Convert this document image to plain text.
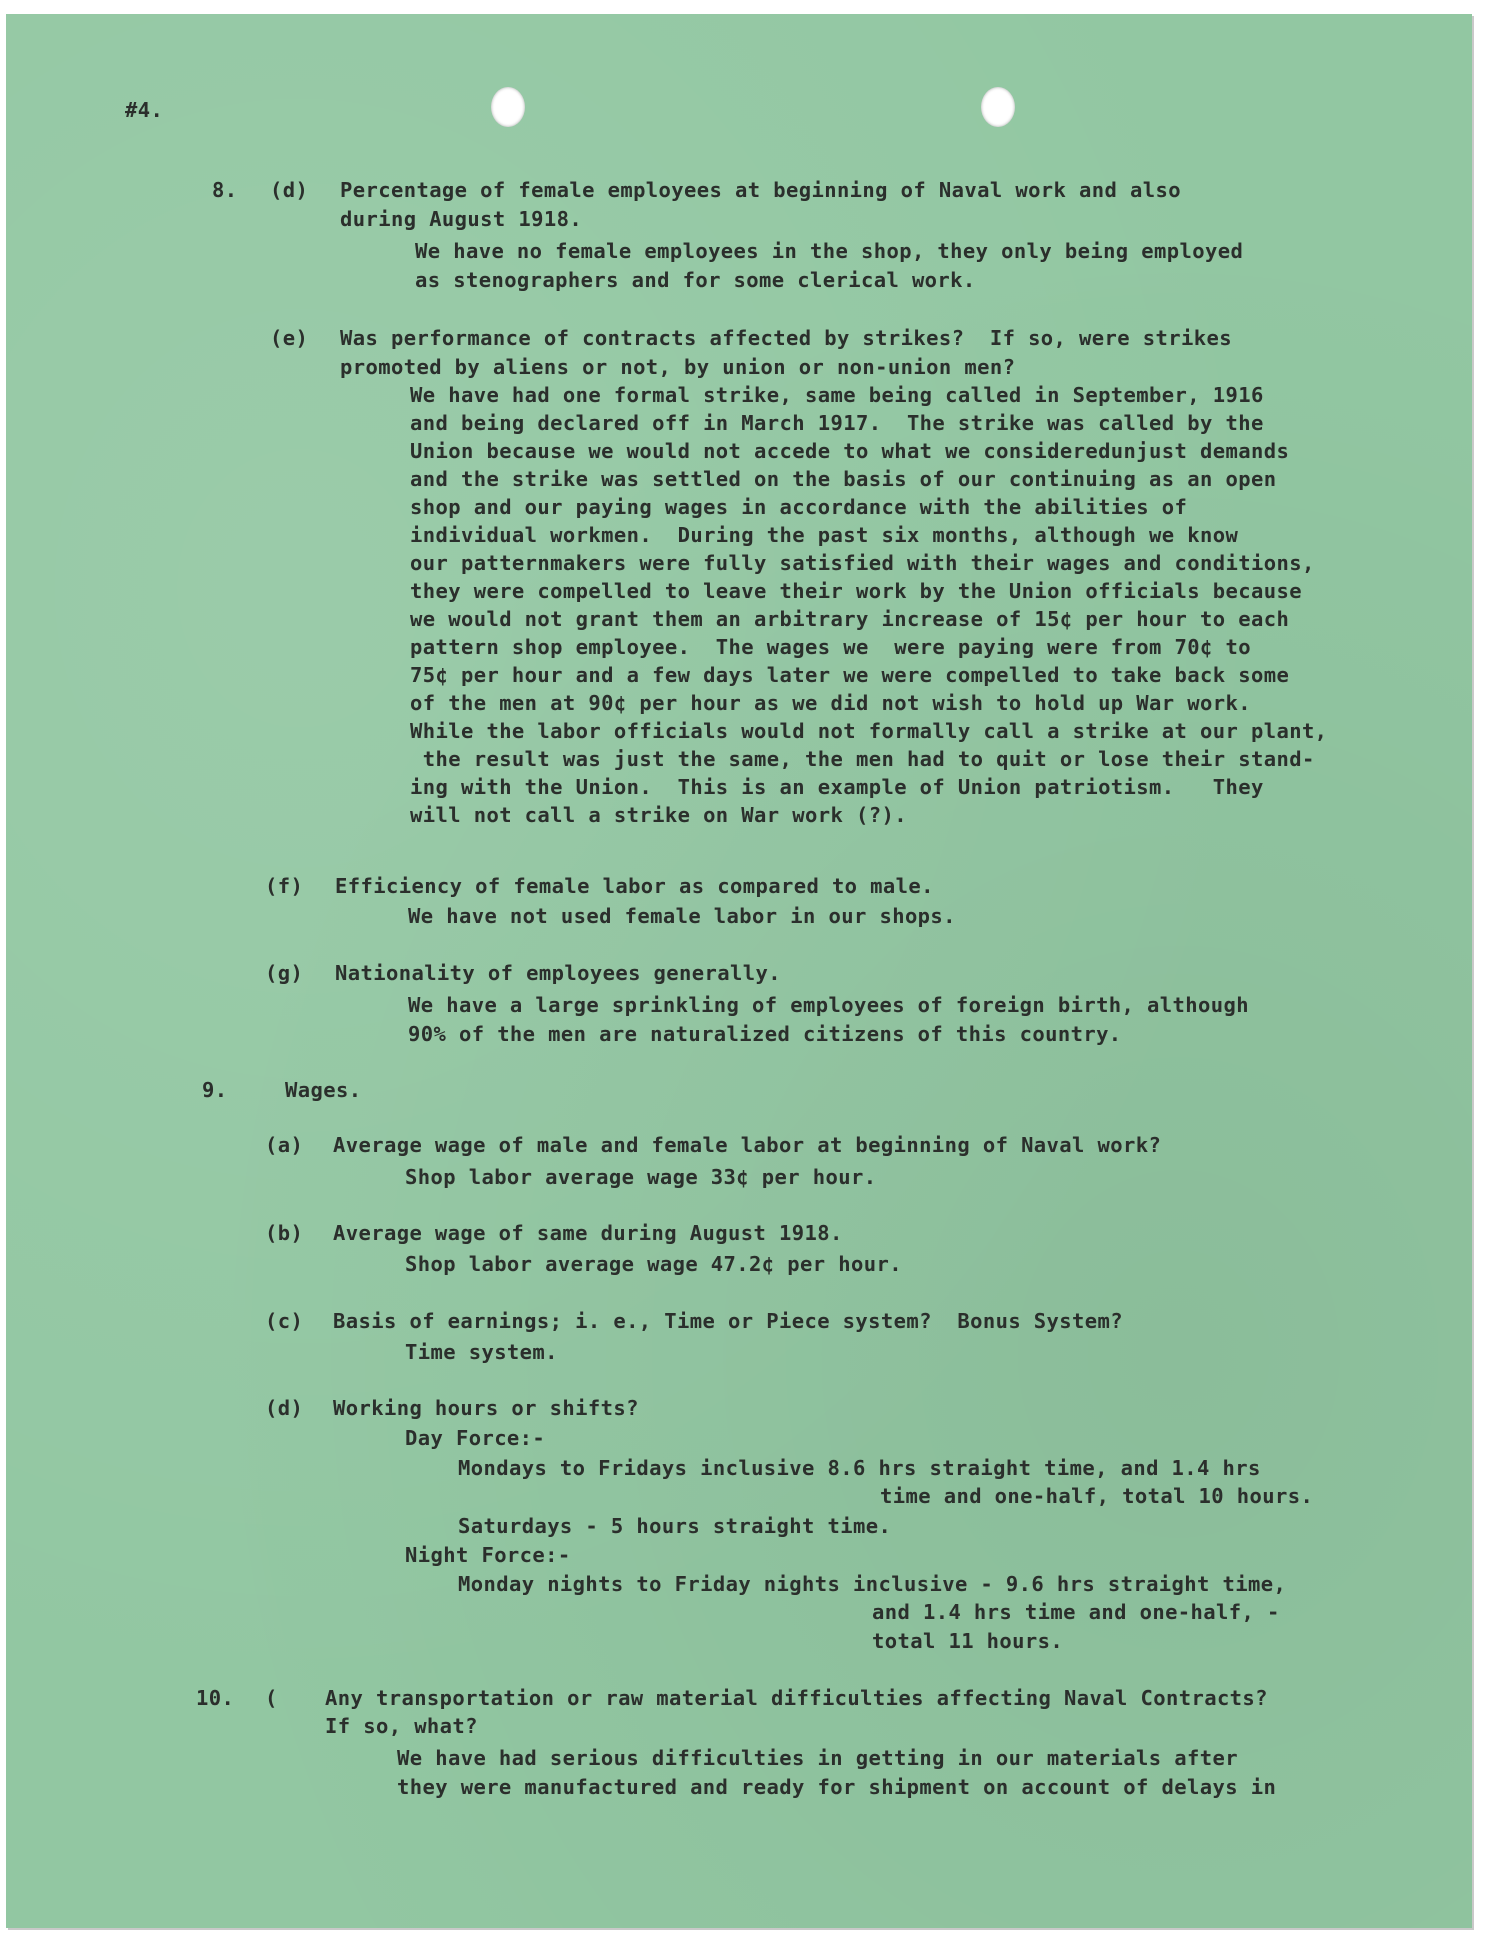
#4.
8. (d) Percentage of female employees at beginning of Naval work and also
during August 1918.
We have no female employees in the shop, they only being employed
as stenographers and for some clerical work.
(e) Was performance of contracts affected by strikes?  If so, were strikes
promoted by aliens or not, by union or non-union men?
We have had one formal strike, same being called in September, 1916
and being declared off in March 1917.  The strike was called by the
Union because we would not accede to what we consideredunjust demands
and the strike was settled on the basis of our continuing as an open
shop and our paying wages in accordance with the abilities of
individual workmen.  During the past six months, although we know
our patternmakers were fully satisfied with their wages and conditions,
they were compelled to leave their work by the Union officials because
we would not grant them an arbitrary increase of 15¢ per hour to each
pattern shop employee.  The wages we  were paying were from 70¢ to
75¢ per hour and a few days later we were compelled to take back some
of the men at 90¢ per hour as we did not wish to hold up War work.
While the labor officials would not formally call a strike at our plant,
the result was just the same, the men had to quit or lose their stand-
ing with the Union.  This is an example of Union patriotism.   They
will not call a strike on War work (?).
(f) Efficiency of female labor as compared to male.
We have not used female labor in our shops.
(g) Nationality of employees generally.
We have a large sprinkling of employees of foreign birth, although
90% of the men are naturalized citizens of this country.
9.	Wages.
(a) Average wage of male and female labor at beginning of Naval work?
Shop labor average wage 33¢ per hour.
(b) Average wage of same during August 1918.
Shop labor average wage 47.2¢ per hour.
(c) Basis of earnings; i. e., Time or Piece system?  Bonus System?
Time system.
(d) Working hours or shifts?
Day Force:-
Mondays to Fridays inclusive 8.6 hrs straight time, and 1.4 hrs
time and one-half, total 10 hours.
Saturdays - 5 hours straight time.
Night Force:-
Monday nights to Friday nights inclusive - 9.6 hrs straight time,
and 1.4 hrs time and one-half, -
total 11 hours.
10. ( Any transportation or raw material difficulties affecting Naval Contracts?
If so, what?
We have had serious difficulties in getting in our materials after
they were manufactured and ready for shipment on account of delays in
